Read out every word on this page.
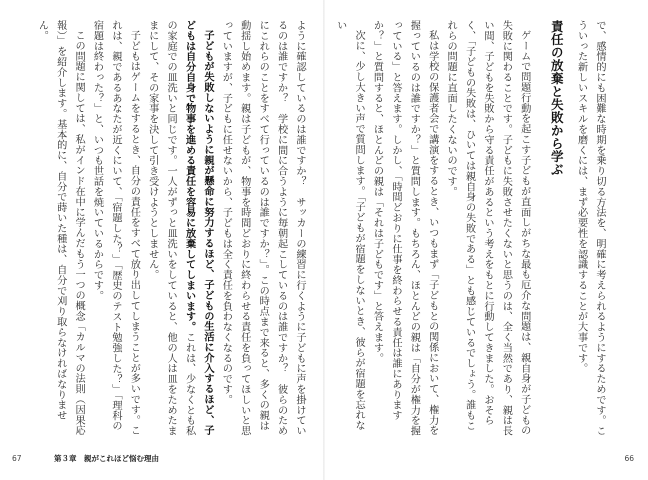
で、感情的にも困難な時期を乗り切る方法を、明確に考えられるようにするためです。こ

ういった新しいスキルを磨くには、まず必要性を認識することが大事です。

責任の放棄と失敗から学ぶ

ゲームで問題行動を起こす子どもが直面しがちな最も厄介な問題は、親自身が子どもの失敗に関わることです。子どもに失敗させたくないと思うのは、全く当然であり、親は長い間、子どもを失敗から守る責任があるという考えをもとに行動してきました。おそらく、「子どもの失敗は、ひいては親自身の失敗である」とも感じているでしょう。誰もこれらの問題に直面したくないのです。

私は学校の保護者会で講演をするとき、いつもまず「子どもとの関係において、権力を握っているのは誰ですか？」と質問します。もちろん、ほとんどの親は「自分が権力を握っている」と答えます。しかし、「時間どおりに仕事を終わらせる責任は誰にありますか？」と質問すると、ほとんどの親は「それは子どもです」と答えます。

次に、少し大きい声で質問します。「子どもが宿題をしないとき、彼らが宿題を忘れない

ように確認しているのは誰ですか？　サッカーの練習に行くように子どもに声を掛けているのは誰ですか？　学校に間に合うように毎朝起こしているのは誰ですか？　彼らのためにこれらのことをすべて行っているのは誰ですか？」。この時点まで来ると、多くの親は動揺し始めます。親は子どもが、物事を時間どおりに終わらせる責任を負ってほしいと思っていますが、子どもに任せないから、子どもは全く責任を負わなくなるのです。

子どもが失敗しないように親が懸命に努力するほど、子どもの生活に介入するほど、子どもは自分自身で物事を進める責任を容易に放棄してしまいます。これは、少なくとも私の家庭での皿洗いと同じです。一人がずっと皿洗いをしていると、他の人は皿をためたままにして、その家事を決して引き受けようとしません。

子どもはゲームをするとき、自分の責任をすべて放り出してしまうことが多いです。これは、親であるあなたが近くにいて、「宿題した？」「歴史のテスト勉強した？」「理科の宿題は終わった？」と、いつも世話を焼いているからです。

この問題に関しては、私がインド在中に学んだもう一つの概念「カルマの法則（因果応報）」を紹介します。基本的に、自分で蒔いた種は、自分で刈り取らなければなりません。

67	第３章　親がこれほど悩む理由	66
